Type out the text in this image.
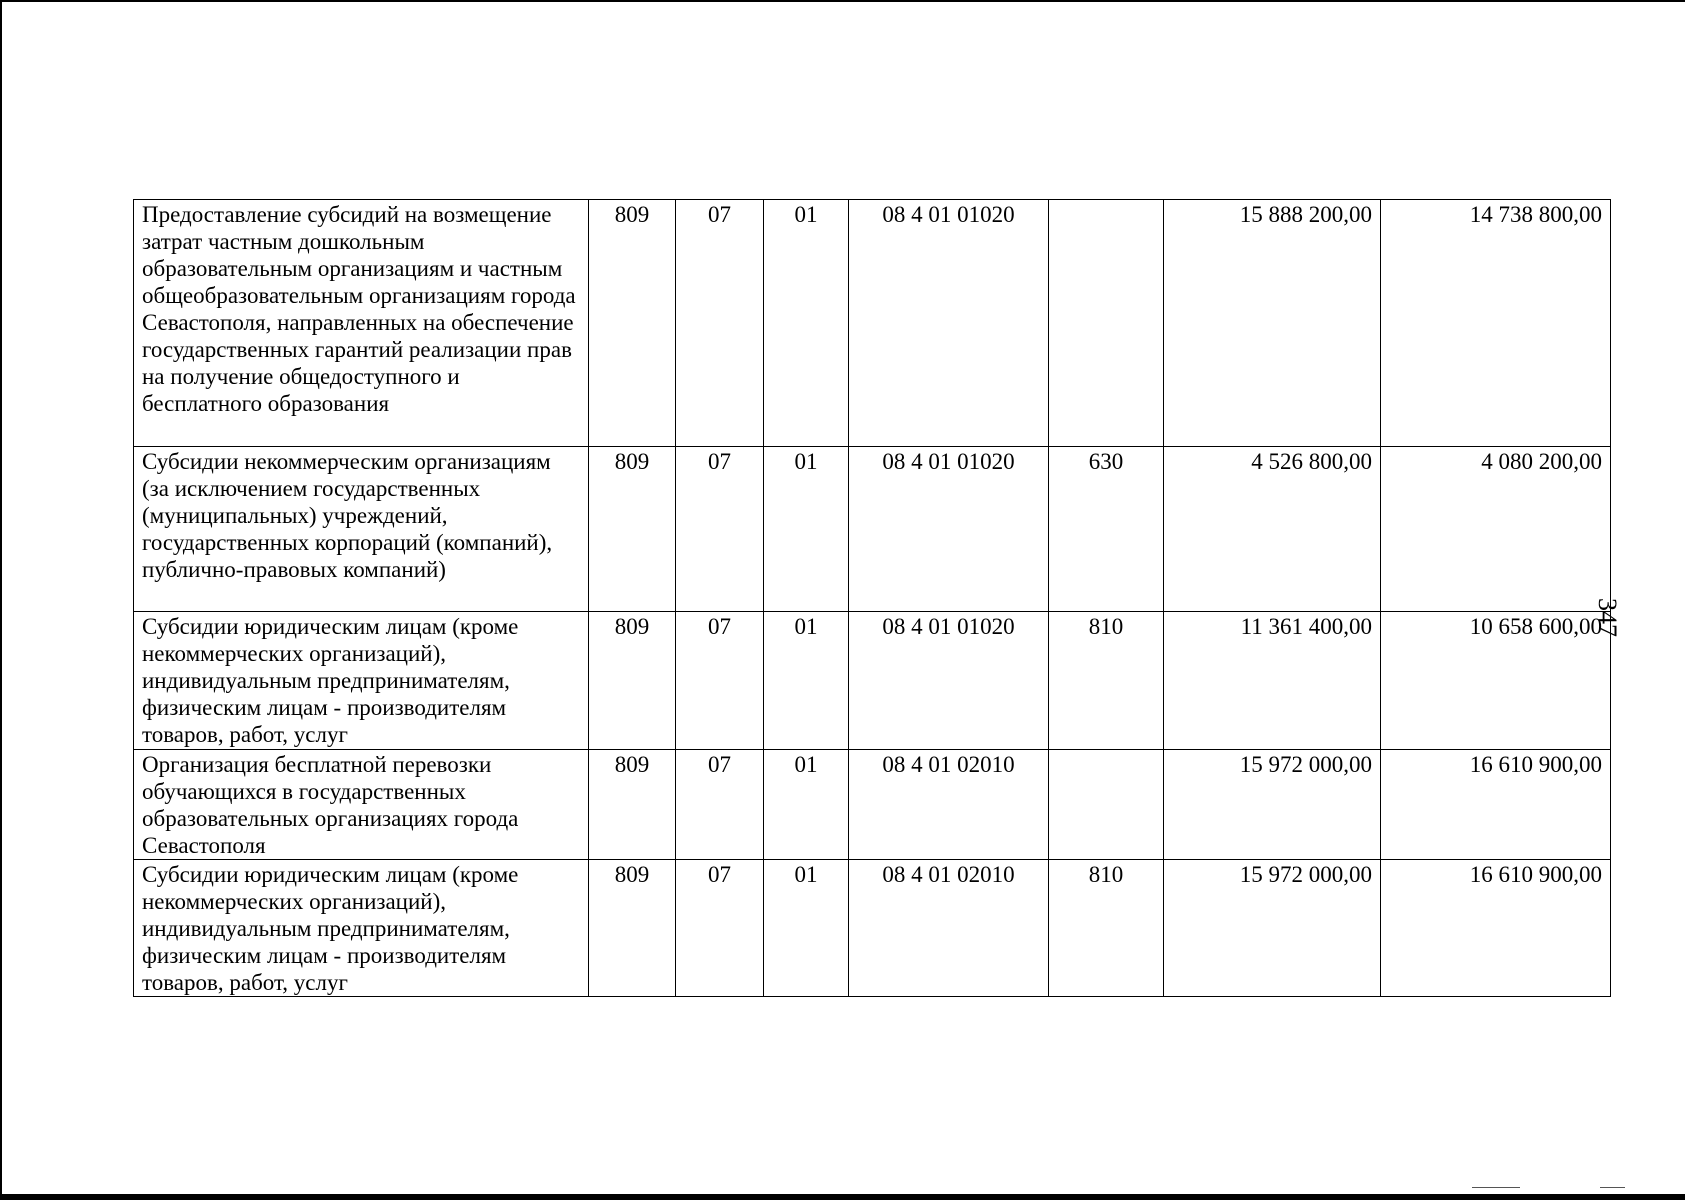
347
Предоставление субсидий на возмещение затрат частным дошкольным образовательным организациям и частным общеобразовательным организациям города Севастополя, направленных на обеспечение государственных гарантий реализации прав на получение общедоступного и бесплатного образования	809	07	01	08 4 01 01020		15 888 200,00	14 738 800,00
Субсидии некоммерческим организациям (за исключением государственных (муниципальных) учреждений, государственных корпораций (компаний), публично-правовых компаний)	809	07	01	08 4 01 01020	630	4 526 800,00	4 080 200,00
Субсидии юридическим лицам (кроме некоммерческих организаций), индивидуальным предпринимателям, физическим лицам - производителям товаров, работ, услуг	809	07	01	08 4 01 01020	810	11 361 400,00	10 658 600,00
Организация бесплатной перевозки обучающихся в государственных образовательных организациях города Севастополя	809	07	01	08 4 01 02010		15 972 000,00	16 610 900,00
Субсидии юридическим лицам (кроме некоммерческих организаций), индивидуальным предпринимателям, физическим лицам - производителям товаров, работ, услуг	809	07	01	08 4 01 02010	810	15 972 000,00	16 610 900,00
